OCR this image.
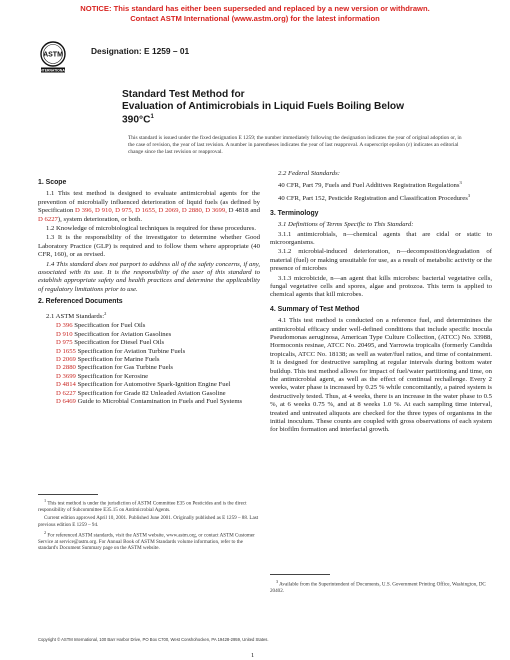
NOTICE: This standard has either been superseded and replaced by a new version or withdrawn.
Contact ASTM International (www.astm.org) for the latest information
ASTM
INTERNATIONAL
Designation: E 1259 – 01
Standard Test Method for
Evaluation of Antimicrobials in Liquid Fuels Boiling Below
$390^\circ C^1$
This standard is issued under the fixed designation E 1259; the number immediately following the designation indicates the year of original adoption or, in the case of revision, the year of last revision. A number in parentheses indicates the year of last reapproval. A superscript epsilon (ε) indicates an editorial change since the last revision or reapproval.
1. Scope

1.1 This test method is designed to evaluate antimicrobial agents for the prevention of microbially influenced deterioration of liquid fuels (as defined by Specification D 396, D 910, D 975, D 1655, D 2069, D 2880, D 3699, D 4818 and D 6227), system deterioration, or both.

1.2 Knowledge of microbiological techniques is required for these procedures.

1.3 It is the responsibility of the investigator to determine whether Good Laboratory Practice (GLP) is required and to follow them where appropriate (40 CFR, 160), or as revised.

1.4 This standard does not purport to address all of the safety concerns, if any, associated with its use. It is the responsibility of the user of this standard to establish appropriate safety and health practices and determine the applicability of regulatory limitations prior to use.

2. Referenced Documents

2.1 ASTM Standards:$^2$

D 396 Specification for Fuel Oils

D 910 Specification for Aviation Gasolines

D 975 Specification for Diesel Fuel Oils

D 1655 Specification for Aviation Turbine Fuels

D 2069 Specification for Marine Fuels

D 2880 Specification for Gas Turbine Fuels

D 3699 Specification for Kerosine

D 4814 Specification for Automotive Spark-Ignition Engine Fuel

D 6227 Specification for Grade 82 Unleaded Aviation Gasoline

D 6469 Guide to Microbial Contamination in Fuels and Fuel Systems

$^1$ This test method is under the jurisdiction of ASTM Committee E35 on Pesticides and is the direct responsibility of Subcommittee E35.15 on Antimicrobial Agents.

Current edition approved April 10, 2001. Published June 2001. Originally published as E 1259 – 88. Last previous edition E 1259 – 94.

$^2$ For referenced ASTM standards, visit the ASTM website, www.astm.org, or contact ASTM Customer Service at service@astm.org. For Annual Book of ASTM Standards volume information, refer to the standard's Document Summary page on the ASTM website.

2.2 Federal Standards:

40 CFR, Part 79, Fuels and Fuel Additives Registration Regulations$^3$

40 CFR, Part 152, Pesticide Registration and Classification Procedures$^3$

3. Terminology

3.1 Definitions of Terms Specific to This Standard:

3.1.1 antimicrobials, n—chemical agents that are cidal or static to microorganisms.

3.1.2 microbial-induced deterioration, n—decomposition/degradation of material (fuel) or making unsuitable for use, as a result of metabolic activity or the presence of microbes

3.1.3 microbicide, n—an agent that kills microbes: bacterial vegetative cells, fungal vegetative cells and spores, algae and protozoa. This term is applied to chemical agents that kill microbes.

4. Summary of Test Method

4.1 This test method is conducted on a reference fuel, and determinines the antimicrobial efficacy under well-defined conditions that include specific inocula Pseudomonas aeruginosa, American Type Culture Collection, (ATCC) No. 33988, Hormoconis resinae, ATCC No. 20495, and Yarrowia tropicalis (formerly Candida tropicalis, ATCC No. 18138; as well as water/fuel ratios, and time of containment. It is designed for destructive sampling at regular intervals during bottom water buildup. This test method allows for impact of fuel/water partitioning and time, on the antimicrobial agent, as well as the effect of continual rechallenge. Every 2 weeks, water phase is increased by 0.25 % while concomitantly, a paired system is destructively tested. Thus, at 4 weeks, there is an increase in the water phase to 0.5 %, at 6 weeks 0.75 %, and at 8 weeks 1.0 %. At each sampling time interval, treated and untreated aliquots are checked for the three types of organisms in the initial inoculum. These counts are coupled with gross observations of each system for biofilm formation and interfacial growth.

$^3$ Available from the Superintendent of Documents, U.S. Government Printing Office, Washington, DC 20402.

Copyright © ASTM International, 100 Barr Harbor Drive, PO Box C700, West Conshohocken, PA 19428-2959, United States.
1
